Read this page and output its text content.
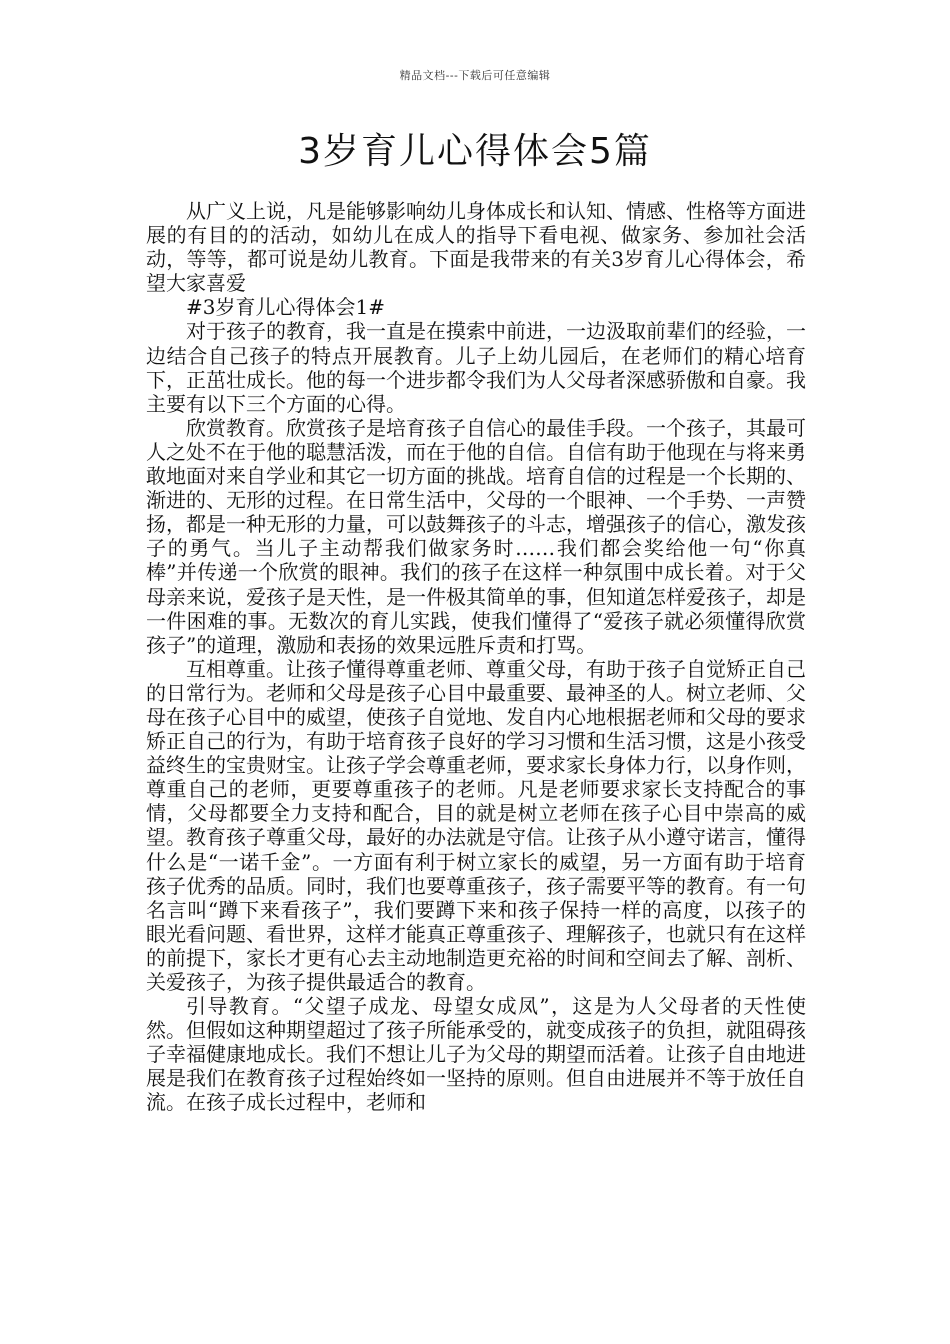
精品文档---下载后可任意编辑
3岁育儿心得体会5篇

从广义上说，凡是能够影响幼儿身体成长和认知、情感、性格等方面进展的有目的的活动，如幼儿在成人的指导下看电视、做家务、参加社会活动，等等，都可说是幼儿教育。下面是我带来的有关3岁育儿心得体会，希望大家喜爱

#3岁育儿心得体会1#

对于孩子的教育，我一直是在摸索中前进，一边汲取前辈们的经验，一边结合自己孩子的特点开展教育。儿子上幼儿园后，在老师们的精心培育下，正茁壮成长。他的每一个进步都令我们为人父母者深感骄傲和自豪。我主要有以下三个方面的心得。

欣赏教育。欣赏孩子是培育孩子自信心的最佳手段。一个孩子，其最可人之处不在于他的聪慧活泼，而在于他的自信。自信有助于他现在与将来勇敢地面对来自学业和其它一切方面的挑战。培育自信的过程是一个长期的、渐进的、无形的过程。在日常生活中，父母的一个眼神、一个手势、一声赞扬，都是一种无形的力量，可以鼓舞孩子的斗志，增强孩子的信心，激发孩子的勇气。当儿子主动帮我们做家务时……我们都会奖给他一句“你真棒”并传递一个欣赏的眼神。我们的孩子在这样一种氛围中成长着。对于父母亲来说，爱孩子是天性，是一件极其简单的事，但知道怎样爱孩子，却是一件困难的事。无数次的育儿实践，使我们懂得了“爱孩子就必须懂得欣赏孩子”的道理，激励和表扬的效果远胜斥责和打骂。

互相尊重。让孩子懂得尊重老师、尊重父母，有助于孩子自觉矫正自己的日常行为。老师和父母是孩子心目中最重要、最神圣的人。树立老师、父母在孩子心目中的威望，使孩子自觉地、发自内心地根据老师和父母的要求矫正自己的行为，有助于培育孩子良好的学习习惯和生活习惯，这是小孩受益终生的宝贵财宝。让孩子学会尊重老师，要求家长身体力行，以身作则，尊重自己的老师，更要尊重孩子的老师。凡是老师要求家长支持配合的事情，父母都要全力支持和配合，目的就是树立老师在孩子心目中崇高的威望。教育孩子尊重父母，最好的办法就是守信。让孩子从小遵守诺言，懂得什么是“一诺千金”。一方面有利于树立家长的威望，另一方面有助于培育孩子优秀的品质。同时，我们也要尊重孩子，孩子需要平等的教育。有一句名言叫“蹲下来看孩子”，我们要蹲下来和孩子保持一样的高度，以孩子的眼光看问题、看世界，这样才能真正尊重孩子、理解孩子，也就只有在这样的前提下，家长才更有心去主动地制造更充裕的时间和空间去了解、剖析、关爱孩子，为孩子提供最适合的教育。

引导教育。“父望子成龙、母望女成凤”，这是为人父母者的天性使然。但假如这种期望超过了孩子所能承受的，就变成孩子的负担，就阻碍孩子幸福健康地成长。我们不想让儿子为父母的期望而活着。让孩子自由地进展是我们在教育孩子过程始终如一坚持的原则。但自由进展并不等于放任自流。在孩子成长过程中，老师和
